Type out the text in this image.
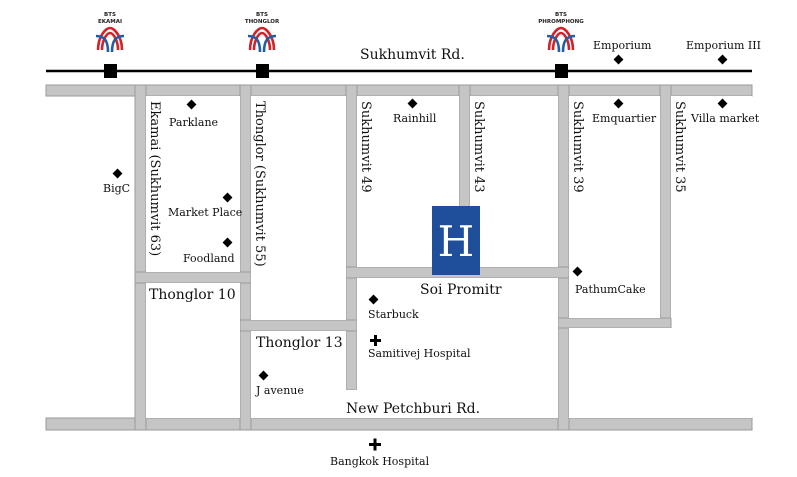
Sukhumvit Rd.
BTS
EKAMAI
BTS
THONGLOR
BTS
PHROMPHONG
Emporium	Emporium III
Ekamai (Sukhumvit 63)	Thonglor (Sukhumvit 55)	Sukhumvit 49	Sukhumvit 43	Sukhumvit 39	Sukhumvit 35
Thonglor 10
Thonglor 13
Soi Promitr
New Petchburi Rd.
Parklane
BigC
Market Place
Foodland
Rainhill	Emquartier	Villa market
PathumCake
Starbuck
Samitivej Hospital
J avenue
Bangkok Hospital
H
